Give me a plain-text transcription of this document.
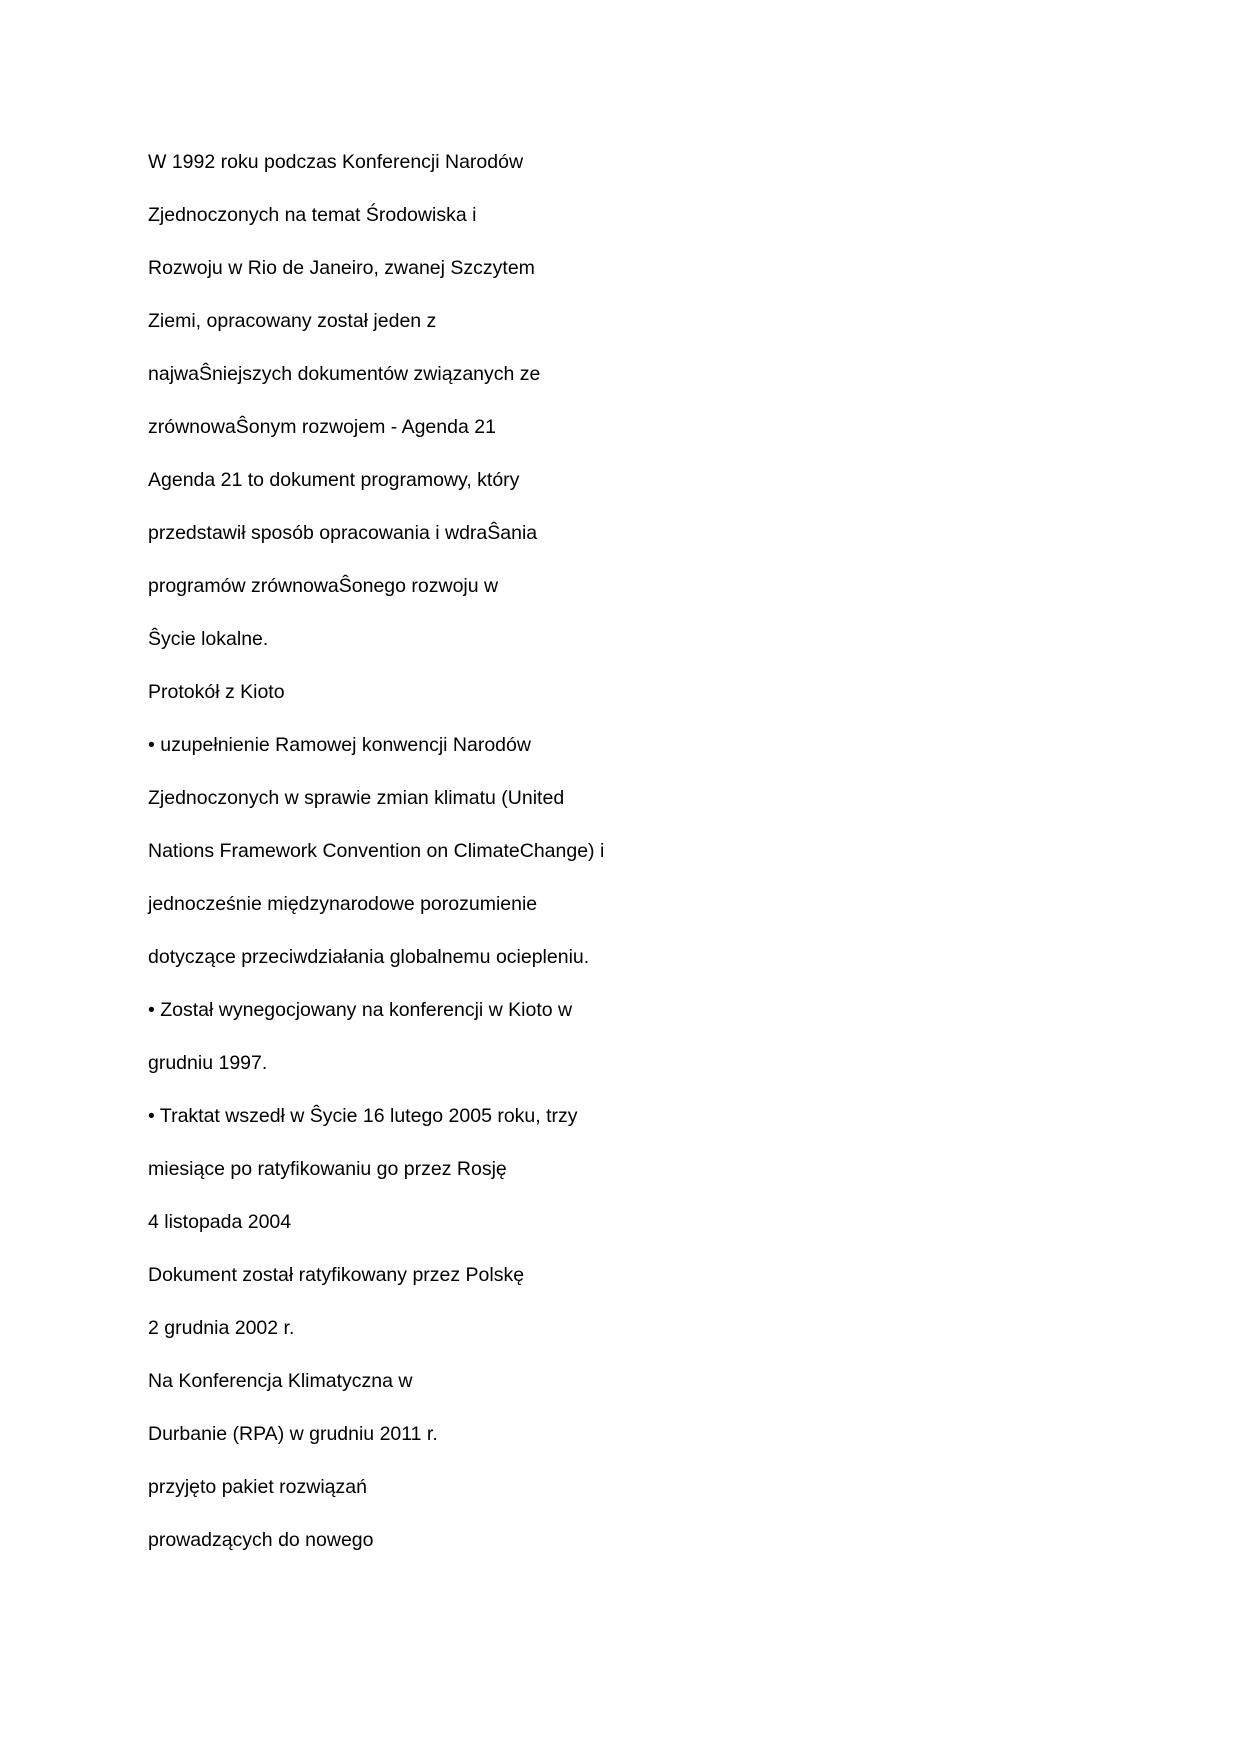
W 1992 roku podczas Konferencji Narodów

Zjednoczonych na temat Środowiska i

Rozwoju w Rio de Janeiro, zwanej Szczytem

Ziemi, opracowany został jeden z

najwaŜniejszych dokumentów związanych ze

zrównowaŜonym rozwojem - Agenda 21

Agenda 21 to dokument programowy, który

przedstawił sposób opracowania i wdraŜania

programów zrównowaŜonego rozwoju w

Ŝycie lokalne.

Protokół z Kioto

• uzupełnienie Ramowej konwencji Narodów

Zjednoczonych w sprawie zmian klimatu (United

Nations Framework Convention on ClimateChange) i

jednocześnie międzynarodowe porozumienie

dotyczące przeciwdziałania globalnemu ociepleniu.

• Został wynegocjowany na konferencji w Kioto w

grudniu 1997.

• Traktat wszedł w Ŝycie 16 lutego 2005 roku, trzy

miesiące po ratyfikowaniu go przez Rosję

4 listopada 2004

Dokument został ratyfikowany przez Polskę

2 grudnia 2002 r.

Na Konferencja Klimatyczna w

Durbanie (RPA) w grudniu 2011 r.

przyjęto pakiet rozwiązań

prowadzących do nowego
